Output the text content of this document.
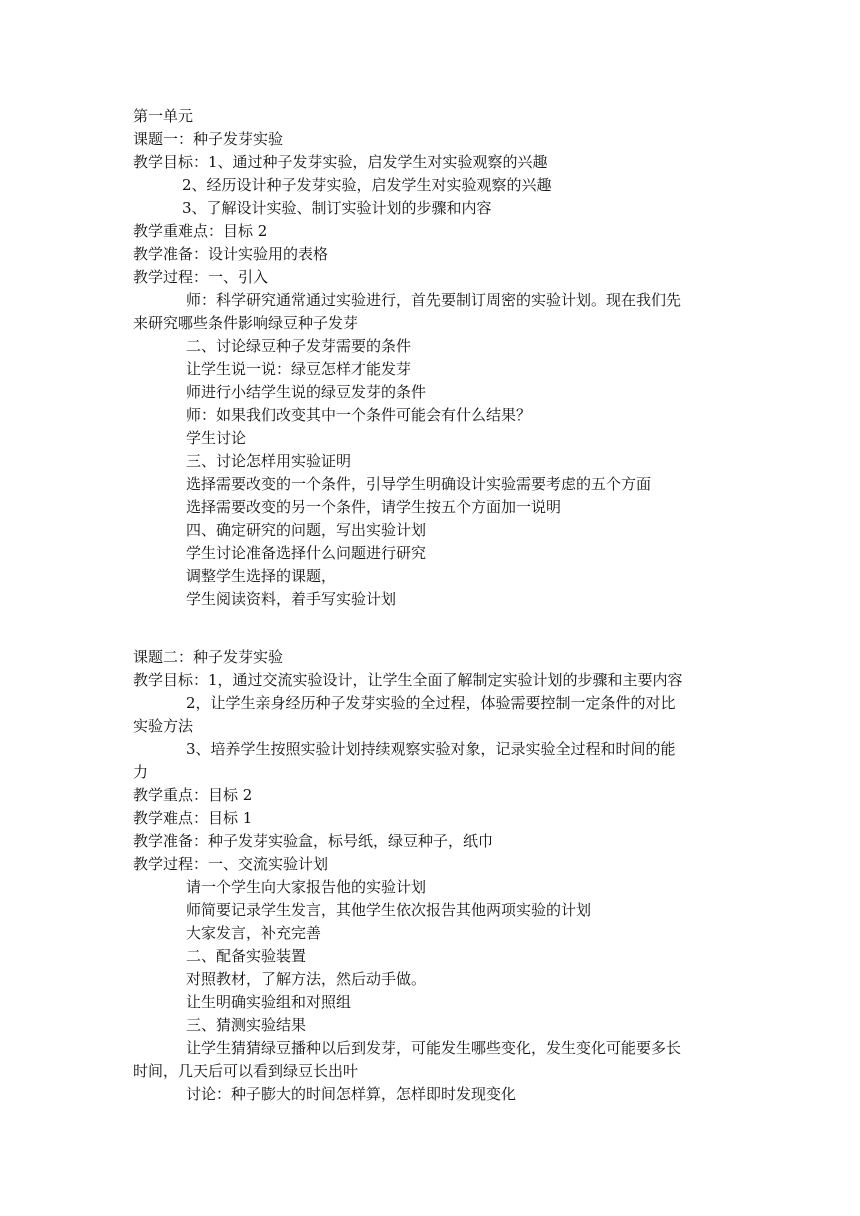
第一单元
课题一：种子发芽实验
教学目标：1、通过种子发芽实验，启发学生对实验观察的兴趣
2、经历设计种子发芽实验，启发学生对实验观察的兴趣
3、了解设计实验、制订实验计划的步骤和内容
教学重难点：目标 2
教学准备：设计实验用的表格
教学过程：一、引入
师：科学研究通常通过实验进行，首先要制订周密的实验计划。现在我们先
来研究哪些条件影响绿豆种子发芽
二、讨论绿豆种子发芽需要的条件
让学生说一说：绿豆怎样才能发芽
师进行小结学生说的绿豆发芽的条件
师：如果我们改变其中一个条件可能会有什么结果？
学生讨论
三、讨论怎样用实验证明
选择需要改变的一个条件，引导学生明确设计实验需要考虑的五个方面
选择需要改变的另一个条件，请学生按五个方面加一说明
四、确定研究的问题，写出实验计划
学生讨论准备选择什么问题进行研究
调整学生选择的课题，
学生阅读资料，着手写实验计划
课题二：种子发芽实验
教学目标：1，通过交流实验设计，让学生全面了解制定实验计划的步骤和主要内容
2，让学生亲身经历种子发芽实验的全过程，体验需要控制一定条件的对比
实验方法
3、培养学生按照实验计划持续观察实验对象，记录实验全过程和时间的能
力
教学重点：目标 2
教学难点：目标 1
教学准备：种子发芽实验盒，标号纸，绿豆种子，纸巾
教学过程：一、交流实验计划
请一个学生向大家报告他的实验计划
师简要记录学生发言，其他学生依次报告其他两项实验的计划
大家发言，补充完善
二、配备实验装置
对照教材，了解方法，然后动手做。
让生明确实验组和对照组
三、猜测实验结果
让学生猜猜绿豆播种以后到发芽，可能发生哪些变化，发生变化可能要多长
时间，几天后可以看到绿豆长出叶
讨论：种子膨大的时间怎样算，怎样即时发现变化
